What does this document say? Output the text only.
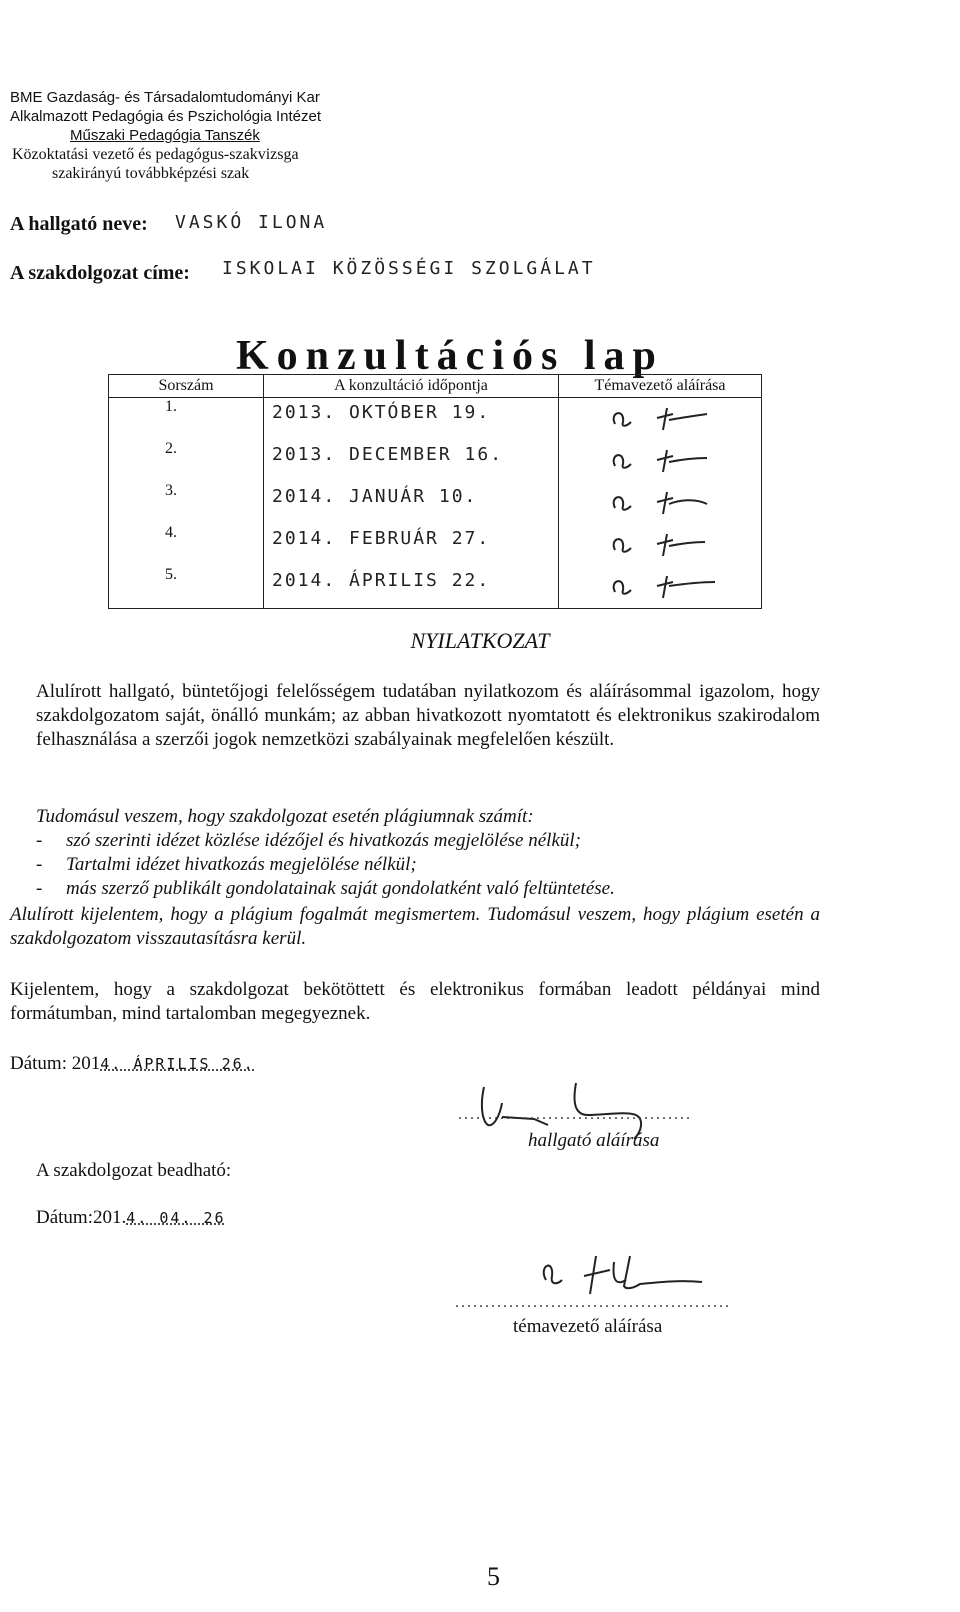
BME Gazdaság- és Társadalomtudományi Kar
Alkalmazott Pedagógia és Pszichológia Intézet
Műszaki Pedagógia Tanszék
Közoktatási vezető és pedagógus-szakvizsga
szakirányú továbbképzési szak
A hallgató neve: VASKÓ ILONA
A szakdolgozat címe: ISKOLAI KÖZÖSSÉGI SZOLGÁLAT
Konzultációs lap
Sorszám	A konzultáció időpontja	Témavezető aláírása
1.	2013. OKTÓBER 19.	
2.	2013. DECEMBER 16.	
3.	2014. JANUÁR 10.	
4.	2014. FEBRUÁR 27.	
5.	2014. ÁPRILIS 22.	
NYILATKOZAT
Alulírott hallgató, büntetőjogi felelősségem tudatában nyilatkozom és aláírásommal igazolom, hogy szakdolgozatom saját, önálló munkám; az abban hivatkozott nyomtatott és elektronikus szakirodalom felhasználása a szerzői jogok nemzetközi szabályainak megfelelően készült.
Tudomásul veszem, hogy szakdolgozat esetén plágiumnak számít:
- szó szerinti idézet közlése idézőjel és hivatkozás megjelölése nélkül;
- Tartalmi idézet hivatkozás megjelölése nélkül;
- más szerző publikált gondolatainak saját gondolatként való feltüntetése.
Alulírott kijelentem, hogy a plágium fogalmát megismertem. Tudomásul veszem, hogy plágium esetén a szakdolgozatom visszautasításra kerül.
Kijelentem, hogy a szakdolgozat bekötöttett és elektronikus formában leadott példányai mind formátumban, mind tartalomban megegyeznek.
Dátum: 2014. ÁPRILIS 26.
.......................................
hallgató aláírása
A szakdolgozat beadható:
Dátum:201.4. 04. 26
..............................................
témavezető aláírása
5
